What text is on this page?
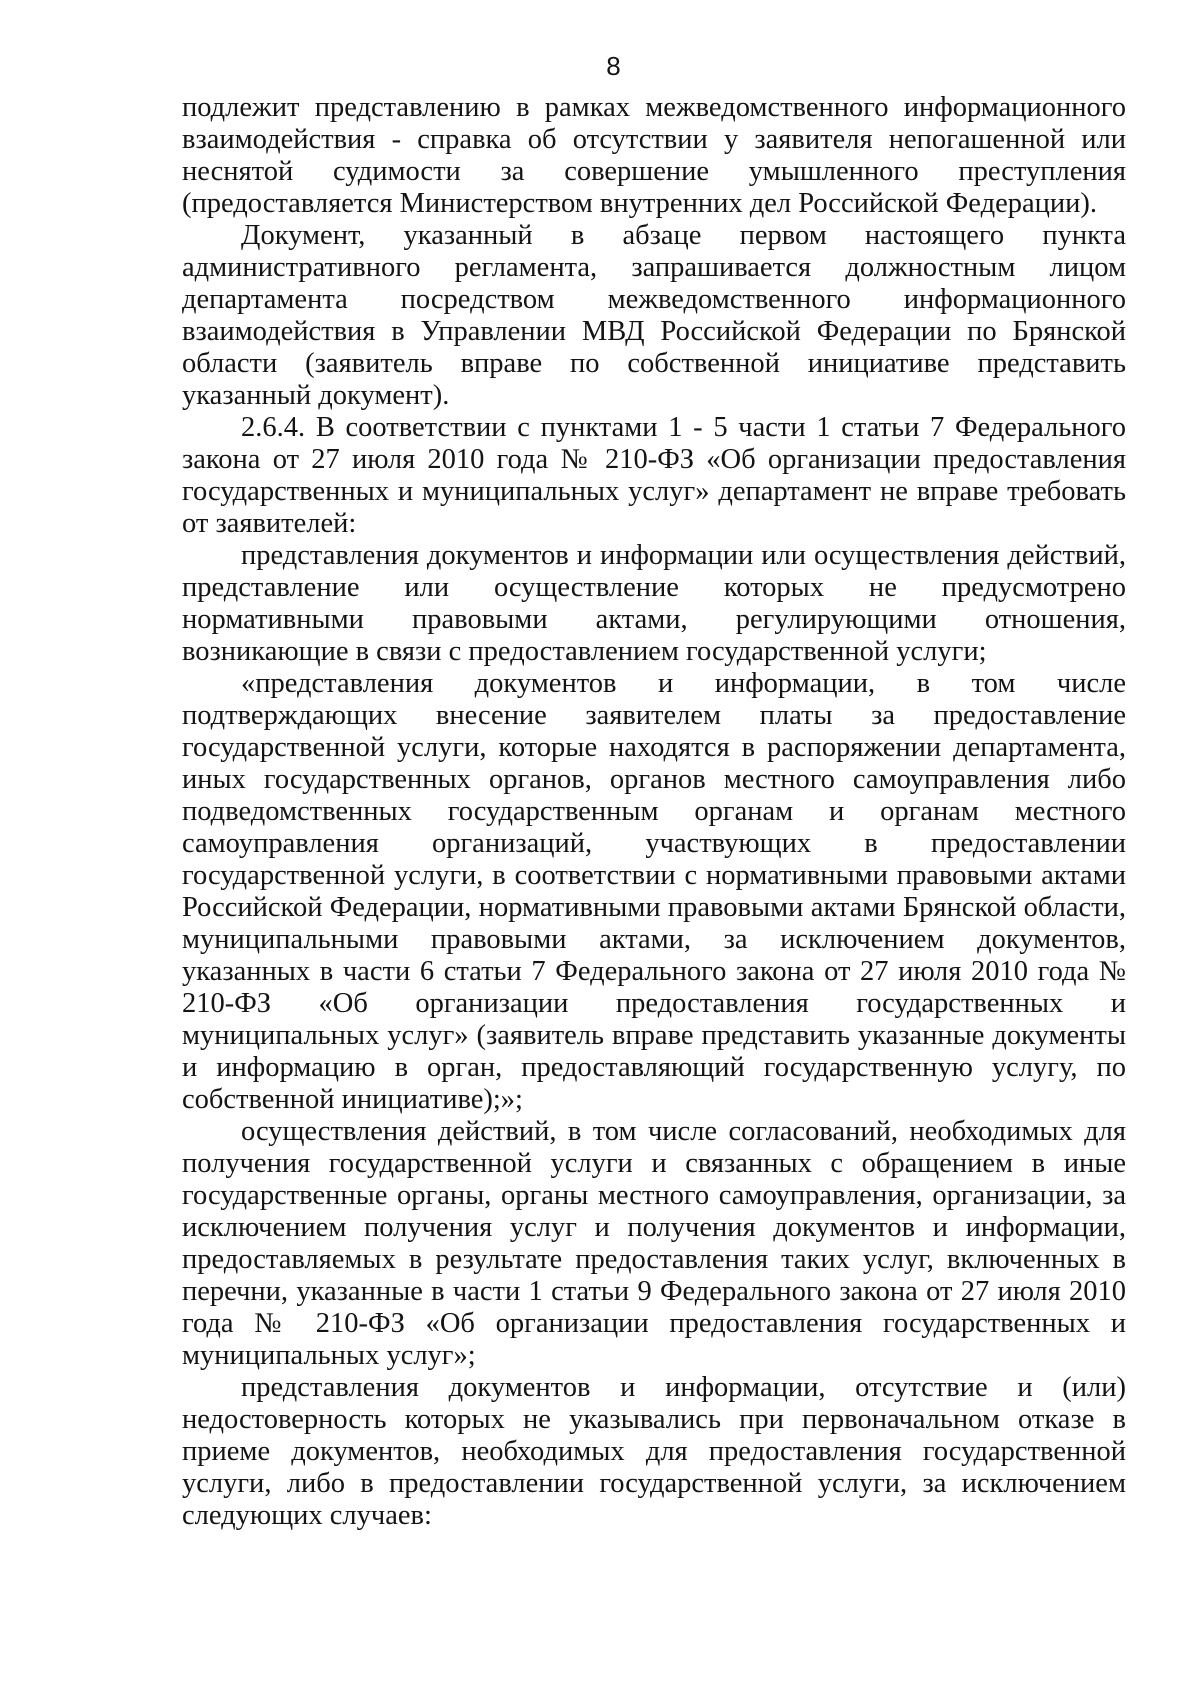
8

подлежит представлению в рамках межведомственного информационного взаимодействия - справка об отсутствии у заявителя непогашенной или неснятой судимости за совершение умышленного преступления (предоставляется Министерством внутренних дел Российской Федерации).

Документ, указанный в абзаце первом настоящего пункта административного регламента, запрашивается должностным лицом департамента посредством межведомственного информационного взаимодействия в Управлении МВД Российской Федерации по Брянской области (заявитель вправе по собственной инициативе представить указанный документ).

2.6.4. В соответствии с пунктами 1 - 5 части 1 статьи 7 Федерального закона от 27 июля 2010 года № 210-ФЗ «Об организации предоставления государственных и муниципальных услуг» департамент не вправе требовать от заявителей:

представления документов и информации или осуществления действий, представление или осуществление которых не предусмотрено нормативными правовыми актами, регулирующими отношения, возникающие в связи с предоставлением государственной услуги;

«представления документов и информации, в том числе подтверждающих внесение заявителем платы за предоставление государственной услуги, которые находятся в распоряжении департамента, иных государственных органов, органов местного самоуправления либо подведомственных государственным органам и органам местного самоуправления организаций, участвующих в предоставлении государственной услуги, в соответствии с нормативными правовыми актами Российской Федерации, нормативными правовыми актами Брянской области, муниципальными правовыми актами, за исключением документов, указанных в части 6 статьи 7 Федерального закона от 27 июля 2010 года № 210-ФЗ «Об организации предоставления государственных и муниципальных услуг» (заявитель вправе представить указанные документы и информацию в орган, предоставляющий государственную услугу, по собственной инициативе);»;

осуществления действий, в том числе согласований, необходимых для получения государственной услуги и связанных с обращением в иные государственные органы, органы местного самоуправления, организации, за исключением получения услуг и получения документов и информации, предоставляемых в результате предоставления таких услуг, включенных в перечни, указанные в части 1 статьи 9 Федерального закона от 27 июля 2010 года № 210-ФЗ «Об организации предоставления государственных и муниципальных услуг»;

представления документов и информации, отсутствие и (или) недостоверность которых не указывались при первоначальном отказе в приеме документов, необходимых для предоставления государственной услуги, либо в предоставлении государственной услуги, за исключением следующих случаев:
